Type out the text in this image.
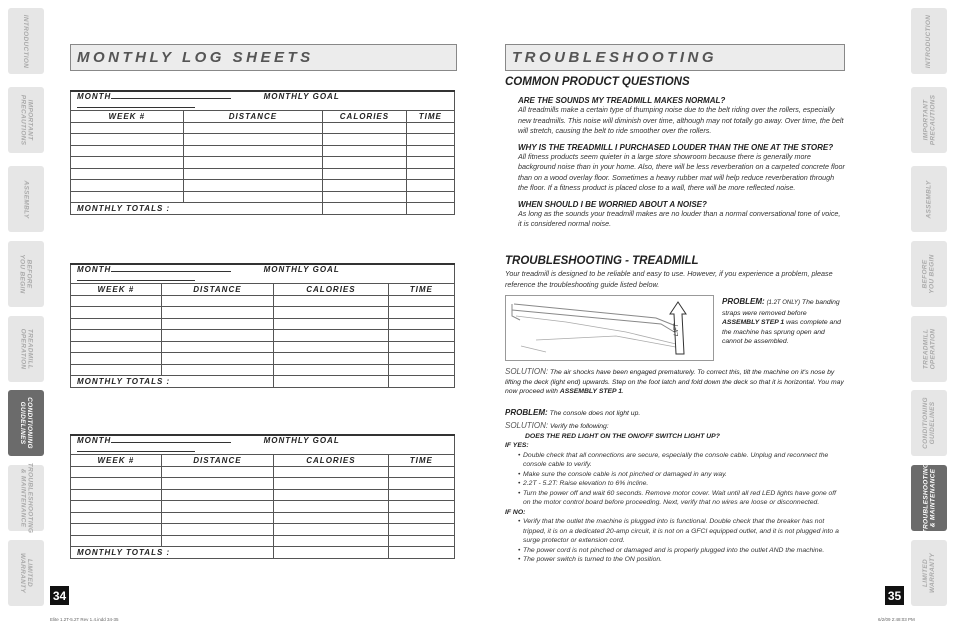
INTRODUCTION
IMPORTANT
PRECAUTIONS
ASSEMBLY
BEFORE
YOU BEGIN
TREADMILL
OPERATION
CONDITIONING
GUIDELINES
TROUBLESHOOTING
& MAINTENANCE
LIMITED
WARRANTY
INTRODUCTION
IMPORTANT
PRECAUTIONS
ASSEMBLY
BEFORE
YOU BEGIN
TREADMILL
OPERATION
CONDITIONING
GUIDELINES
TROUBLESHOOTING
& MAINTENANCE
LIMITED
WARRANTY
MONTHLY LOG SHEETS
MONTH MONTHLY GOAL			
WEEK #	DISTANCE	CALORIES	TIME

MONTHLY TOTALS :			
MONTH MONTHLY GOAL			
WEEK #	DISTANCE	CALORIES	TIME

MONTHLY TOTALS :			
MONTH MONTHLY GOAL			
WEEK #	DISTANCE	CALORIES	TIME

MONTHLY TOTALS :			
34
Elite 1.2T-5.2T Rev 1.4.indd 34-35
TROUBLESHOOTING
COMMON PRODUCT QUESTIONS
ARE THE SOUNDS MY TREADMILL MAKES NORMAL?
All treadmills make a certain type of thumping noise due to the belt riding over the rollers, especially new treadmills. This noise will diminish over time, although may not totally go away. Over time, the belt will stretch, causing the belt to ride smoother over the rollers.
WHY IS THE TREADMILL I PURCHASED LOUDER THAN THE ONE AT THE STORE?
All fitness products seem quieter in a large store showroom because there is generally more background noise than in your home. Also, there will be less reverberation on a carpeted concrete floor than on a wood overlay floor. Sometimes a heavy rubber mat will help reduce reverberation through the floor. If a fitness product is placed close to a wall, there will be more reflected noise.
WHEN SHOULD I BE WORRIED ABOUT A NOISE?
As long as the sounds your treadmill makes are no louder than a normal conversational tone of voice, it is considered normal noise.
TROUBLESHOOTING - TREADMILL
Your treadmill is designed to be reliable and easy to use. However, if you experience a problem, please reference the troubleshooting guide listed below.
LIFT
PROBLEM: (1.2T ONLY) The banding straps were removed before ASSEMBLY STEP 1 was complete and the machine has sprung open and cannot be assembled.
SOLUTION: The air shocks have been engaged prematurely. To correct this, tilt the machine on it's nose by lifting the deck (light end) upwards. Step on the foot latch and fold down the deck so that it is horizontal. You may now proceed with ASSEMBLY STEP 1.
PROBLEM: The console does not light up.
SOLUTION: Verify the following:
DOES THE RED LIGHT ON THE ON/OFF SWITCH LIGHT UP?
IF YES:
• Double check that all connections are secure, especially the console cable. Unplug and reconnect the console cable to verify.
• Make sure the console cable is not pinched or damaged in any way.
• 2.2T - 5.2T: Raise elevation to 6% incline.
• Turn the power off and wait 60 seconds. Remove motor cover. Wait until all red LED lights have gone off on the motor control board before proceeding. Next, verify that no wires are loose or disconnected.
IF NO:
• Verify that the outlet the machine is plugged into is functional. Double check that the breaker has not tripped, it is on a dedicated 20-amp circuit, it is not on a GFCI equipped outlet, and it is not plugged into a surge protector or extension cord.
• The power cord is not pinched or damaged and is properly plugged into the outlet AND the machine.
• The power switch is turned to the ON position.
35
6/2/09 2:48:03 PM
